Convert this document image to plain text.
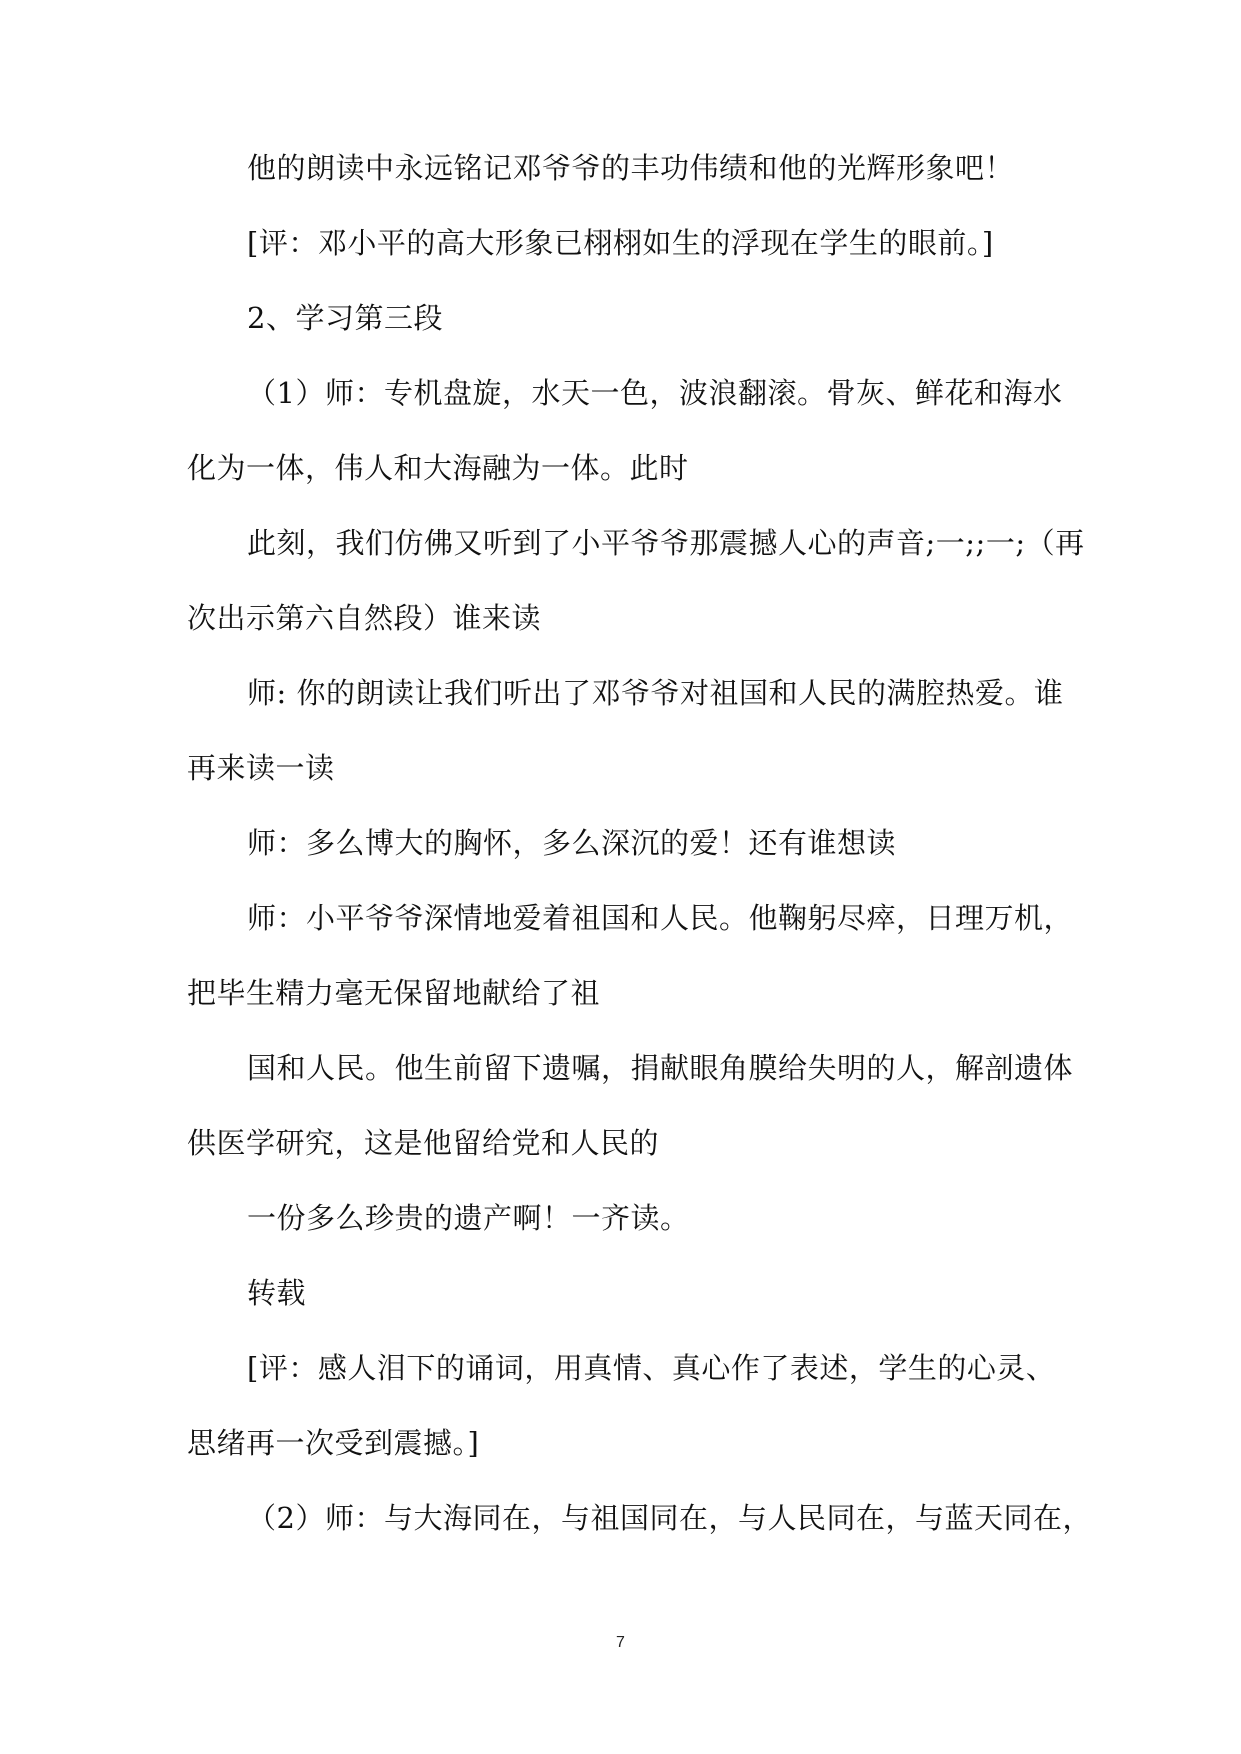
他的朗读中永远铭记邓爷爷的丰功伟绩和他的光辉形象吧！
[评：邓小平的高大形象已栩栩如生的浮现在学生的眼前。]
2、学习第三段
（1）师：专机盘旋，水天一色，波浪翻滚。骨灰、鲜花和海水
化为一体，伟人和大海融为一体。此时
此刻，我们仿佛又听到了小平爷爷那震撼人心的声音;一;;一;（再
次出示第六自然段）谁来读
师: 你的朗读让我们听出了邓爷爷对祖国和人民的满腔热爱。谁
再来读一读
师：多么博大的胸怀，多么深沉的爱！还有谁想读
师：小平爷爷深情地爱着祖国和人民。他鞠躬尽瘁，日理万机，
把毕生精力毫无保留地献给了祖
国和人民。他生前留下遗嘱，捐献眼角膜给失明的人，解剖遗体
供医学研究，这是他留给党和人民的
一份多么珍贵的遗产啊！一齐读。
转载
[评：感人泪下的诵词，用真情、真心作了表述，学生的心灵、
思绪再一次受到震撼。]
（2）师：与大海同在，与祖国同在，与人民同在，与蓝天同在，
7
